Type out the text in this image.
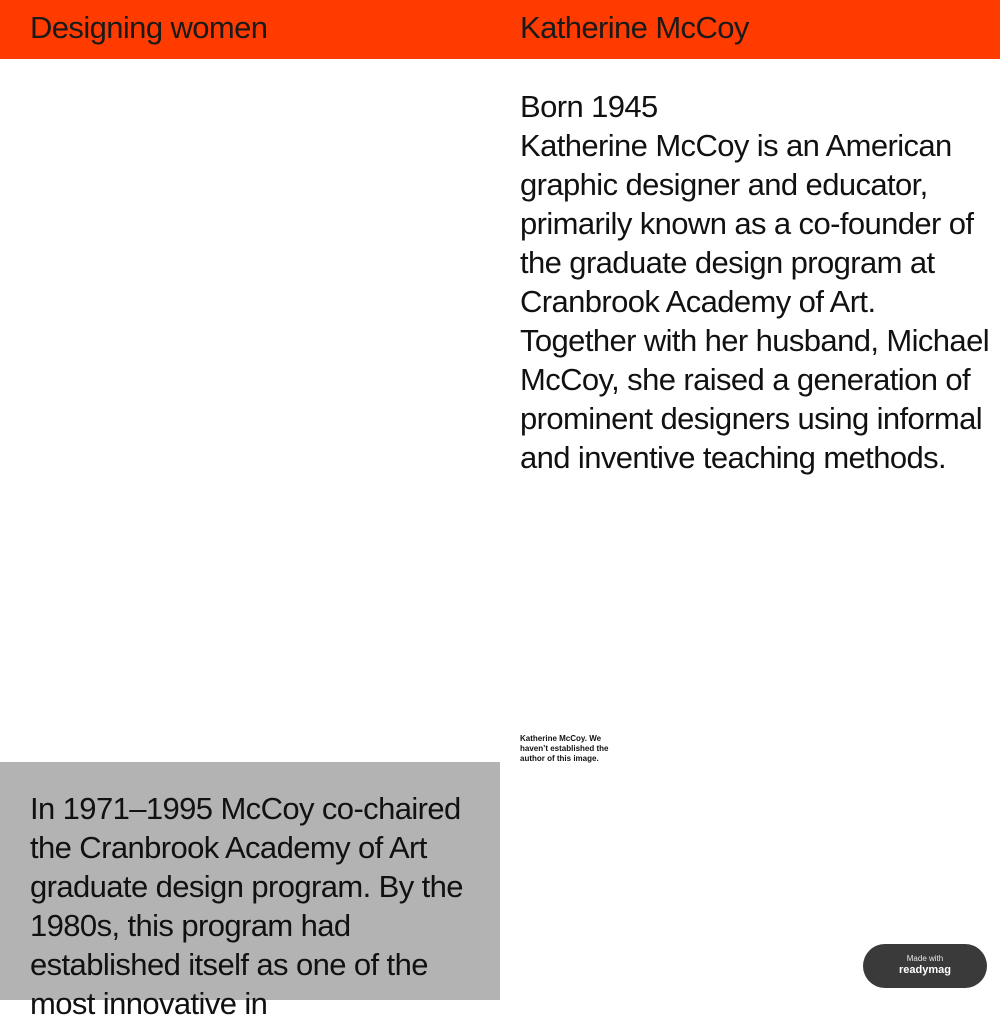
Designing women	Katherine McCoy

Born 1945

Katherine McCoy is an American graphic designer and educator, primarily known as a co-founder of the graduate design program at Cranbrook Academy of Art. Together with her husband, Michael McCoy, she raised a generation of prominent designers using informal and inventive teaching methods.

Katherine McCoy. We haven’t established the author of this image.

In 1971–1995 McCoy co-chaired the Cranbrook Academy of Art graduate design program. By the 1980s, this program had established itself as one of the most innovative in

Made with
readymag
